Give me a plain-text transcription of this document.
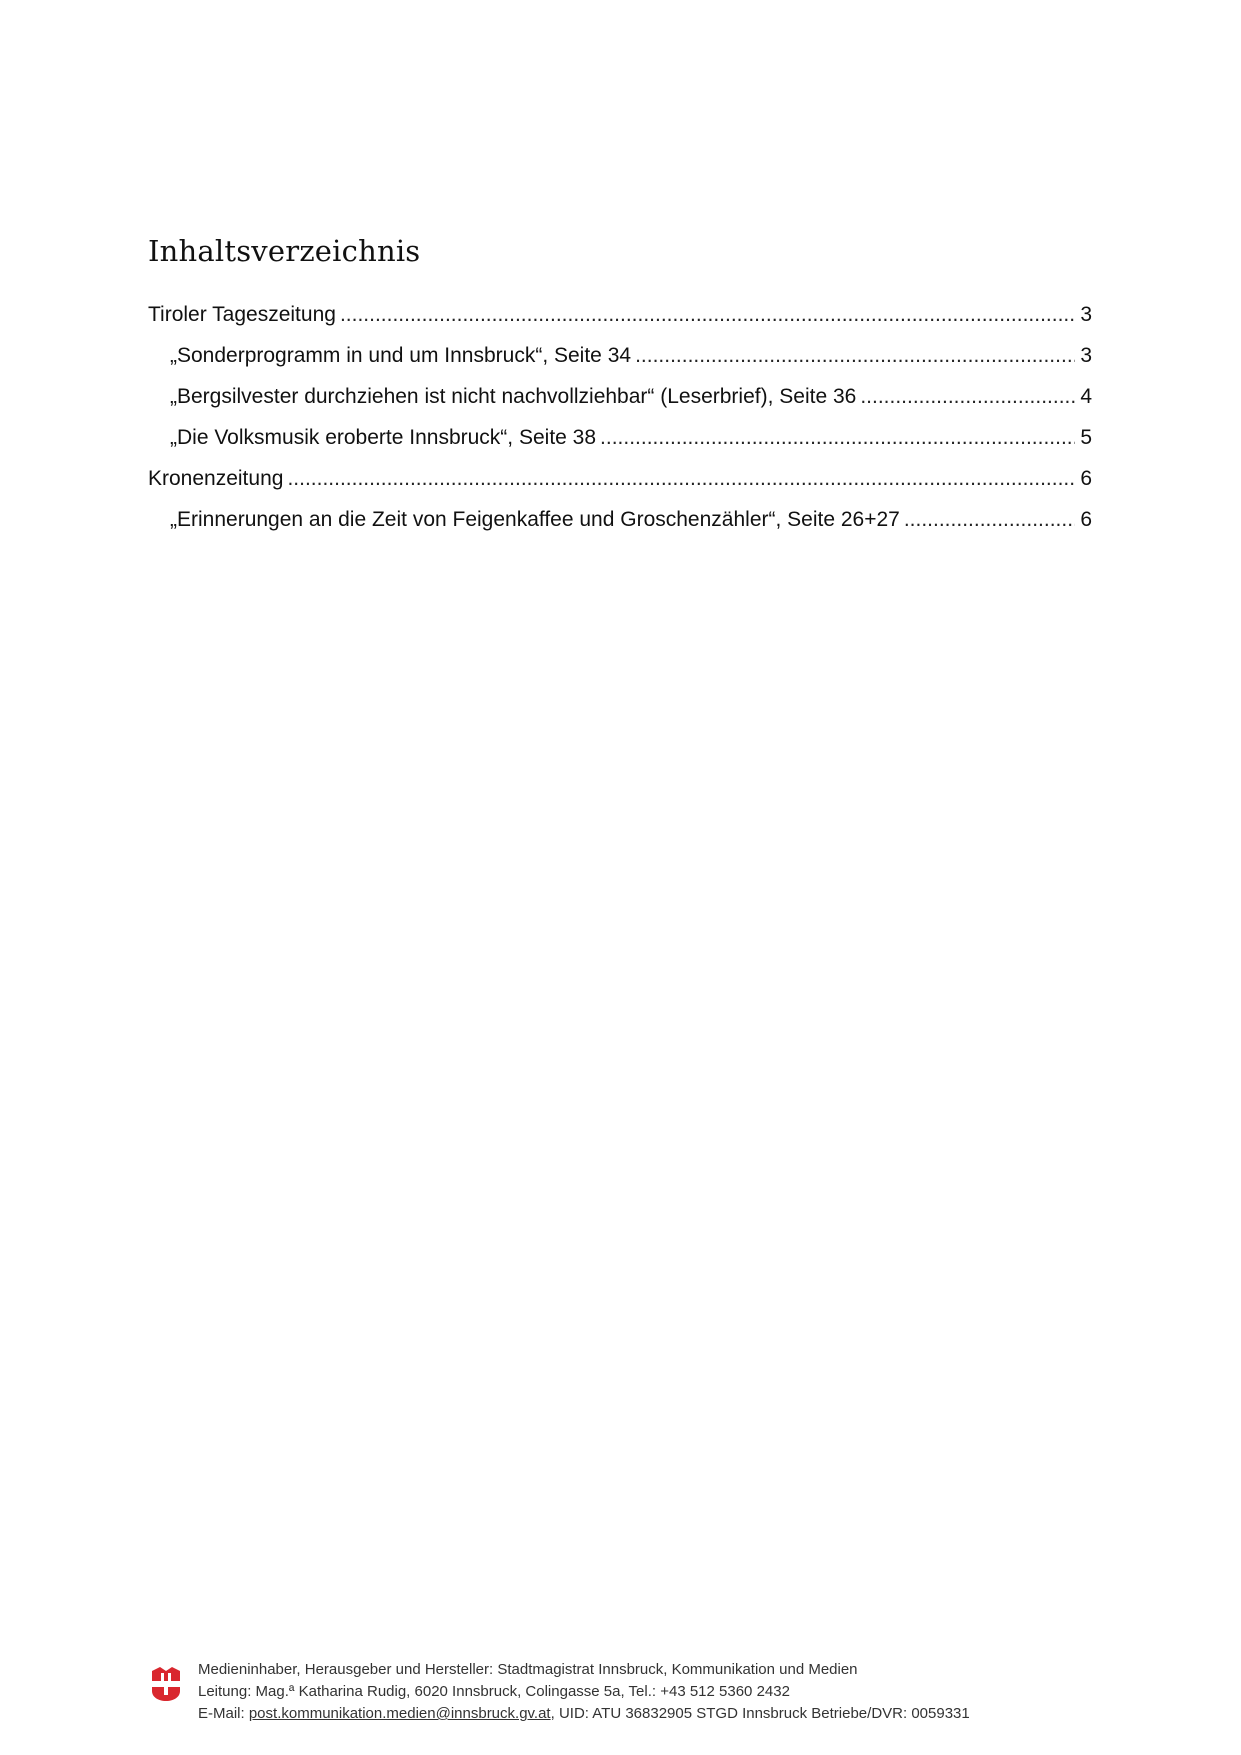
Inhaltsverzeichnis
Tiroler Tageszeitung .....	3
„Sonderprogramm in und um Innsbruck“, Seite 34 .....	3
„Bergsilvester durchziehen ist nicht nachvollziehbar“ (Leserbrief), Seite 36 .....	4
„Die Volksmusik eroberte Innsbruck“, Seite 38 .....	5
Kronenzeitung .....	6
„Erinnerungen an die Zeit von Feigenkaffee und Groschenzähler“, Seite 26+27 .....	6
Medieninhaber, Herausgeber und Hersteller: Stadtmagistrat Innsbruck, Kommunikation und Medien
Leitung: Mag.ª Katharina Rudig, 6020 Innsbruck, Colingasse 5a, Tel.: +43 512 5360 2432
E-Mail: post.kommunikation.medien@innsbruck.gv.at, UID: ATU 36832905 STGD Innsbruck Betriebe/DVR: 0059331
